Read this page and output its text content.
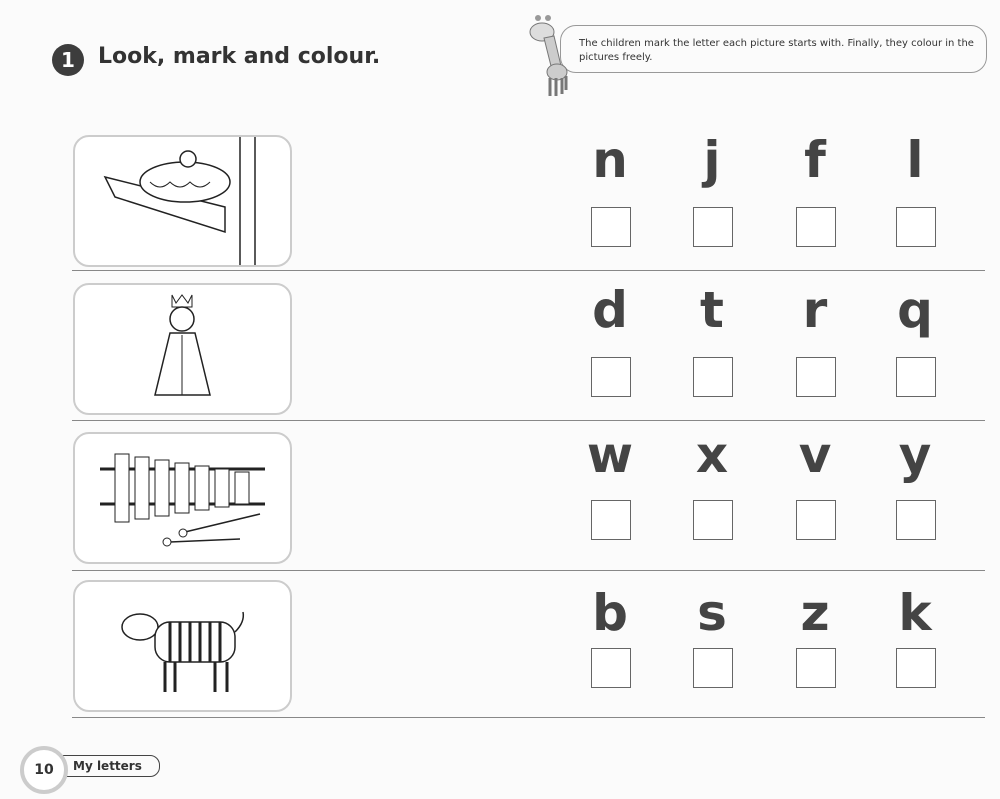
1	Look, mark and colour.
The children mark the letter each picture starts with. Finally, they colour in the pictures freely.
n	j	f	l
d	t	r	q
w x v y
b	s	z	k
10	My letters
